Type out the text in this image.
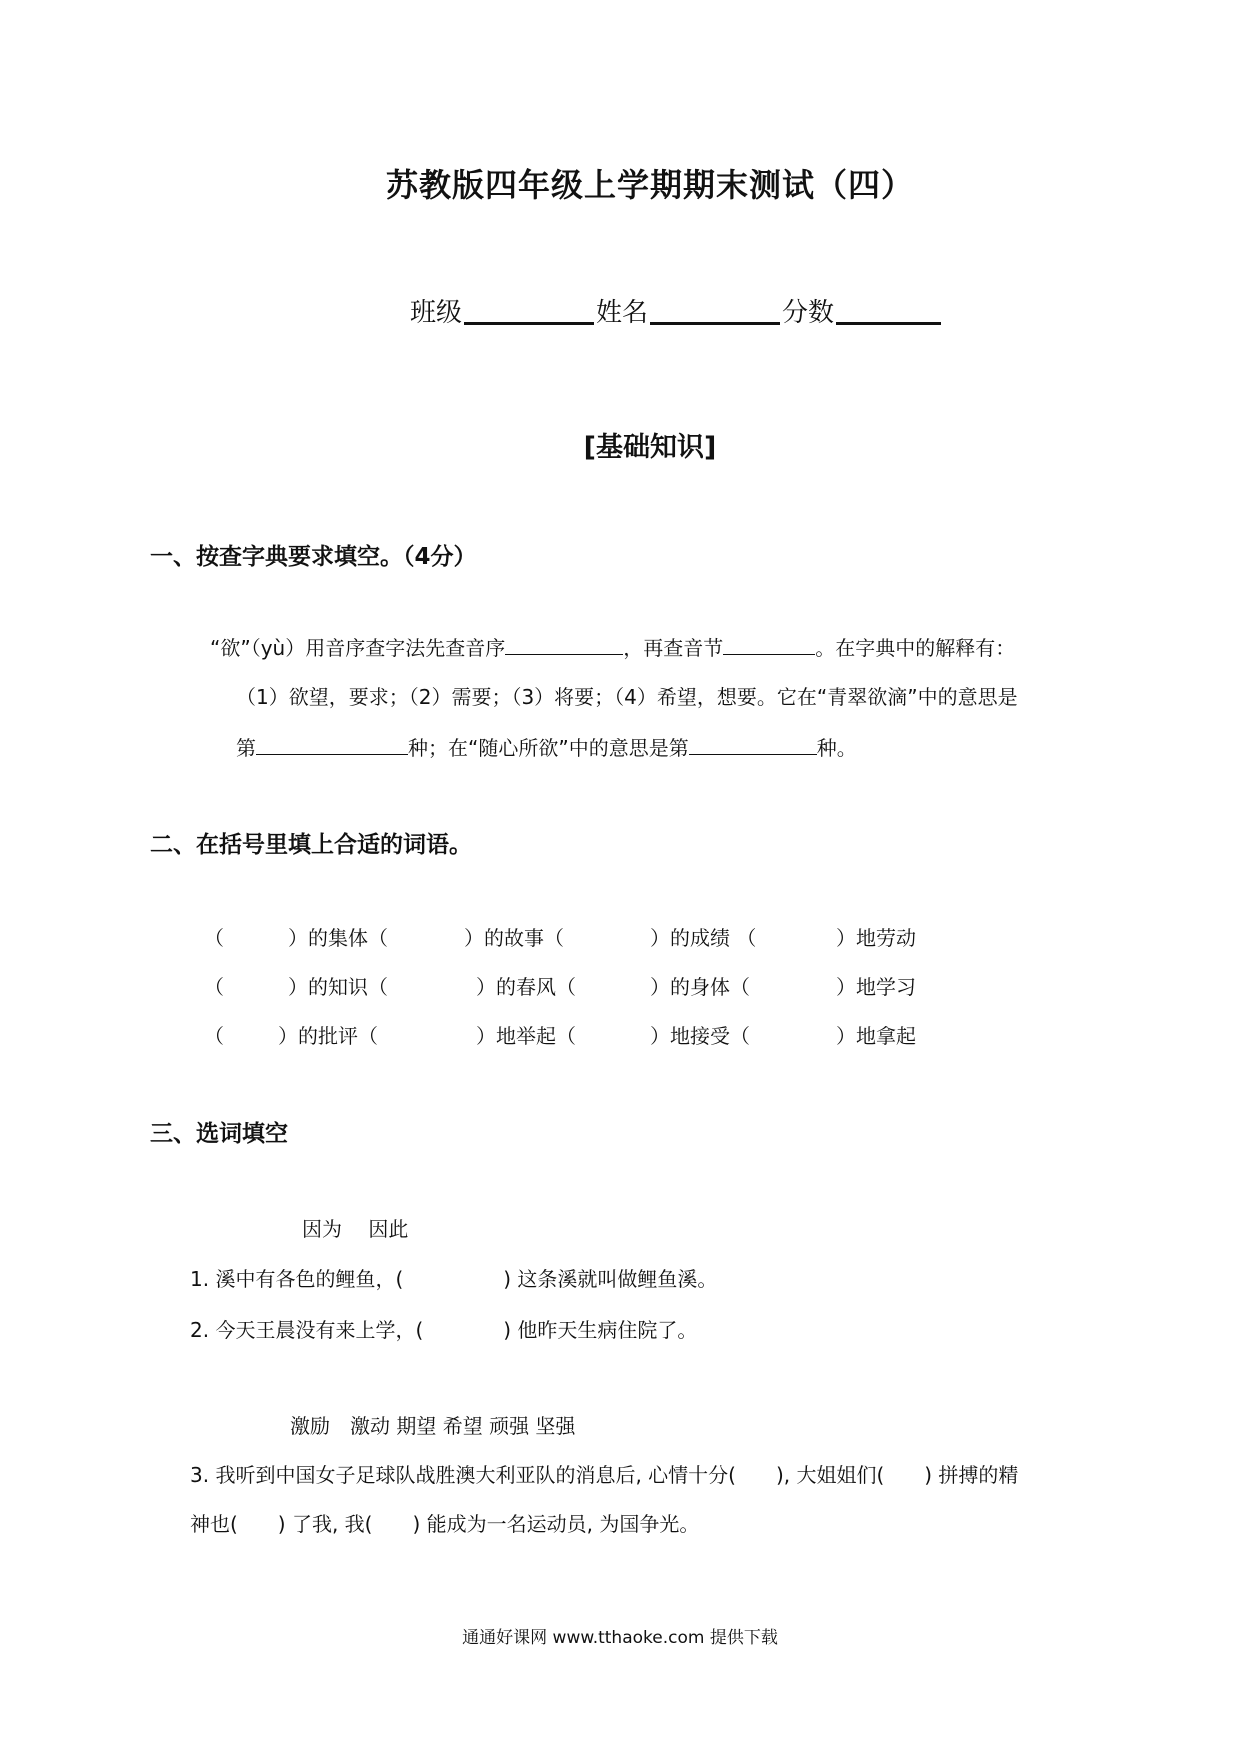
苏教版四年级上学期期末测试（四）
班级	姓名	分数
[基础知识]
一、按查字典要求填空。（4分）
“欲”（yù）用音序查字法先查音序	，再查音节	。在字典中的解释有：
（1）欲望，要求；（2）需要；（3）将要；（4）希望，想要。它在“青翠欲滴”中的意思是
第	种；在“随心所欲”中的意思是第	种。
二、在括号里填上合适的词语。
（	）的集体（	）的故事（	）的成绩 （	）地劳动
（	）的知识（	）的春风（	）的身体（	）地学习
（	）的批评（	）地举起（	）地接受（	）地拿起
三、选词填空
因为　 因此
1. 溪中有各色的鲤鱼，(　　　　　) 这条溪就叫做鲤鱼溪。
2. 今天王晨没有来上学，(　　　　) 他昨天生病住院了。
激励　激动 期望 希望 顽强 坚强
3. 我听到中国女子足球队战胜澳大利亚队的消息后, 心情十分(　　), 大姐姐们(　　) 拼搏的精
神也(　　) 了我, 我(　　) 能成为一名运动员, 为国争光。
通通好课网 www.tthaoke.com 提供下载
